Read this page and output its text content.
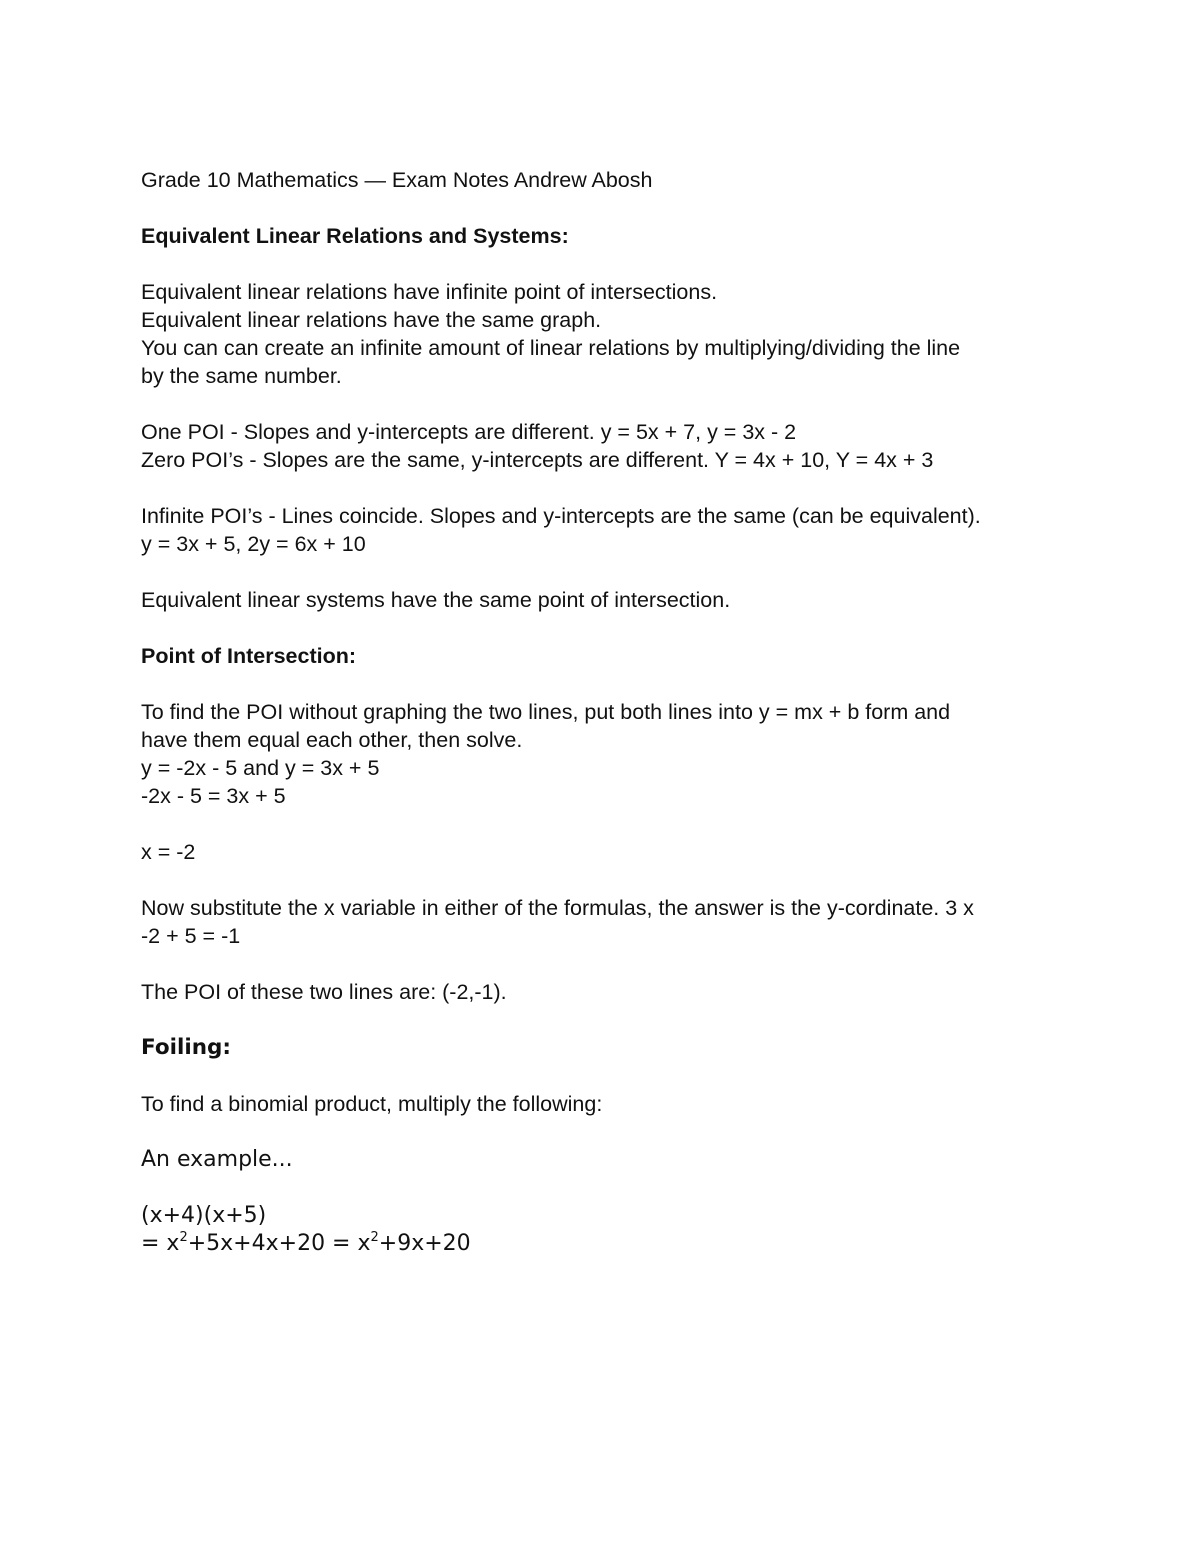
Grade 10 Mathematics — Exam Notes Andrew Abosh
Equivalent Linear Relations and Systems:
Equivalent linear relations have infinite point of intersections.
Equivalent linear relations have the same graph.
You can can create an infinite amount of linear relations by multiplying/dividing the line
by the same number.
One POI - Slopes and y-intercepts are different. y = 5x + 7, y = 3x - 2
Zero POI’s - Slopes are the same, y-intercepts are different. Y = 4x + 10, Y = 4x + 3
Infinite POI’s - Lines coincide. Slopes and y-intercepts are the same (can be equivalent).
y = 3x + 5, 2y = 6x + 10
Equivalent linear systems have the same point of intersection.
Point of Intersection:
To find the POI without graphing the two lines, put both lines into y = mx + b form and
have them equal each other, then solve.
y = -2x - 5 and y = 3x + 5
-2x - 5 = 3x + 5
x = -2
Now substitute the x variable in either of the formulas, the answer is the y-cordinate. 3 x
-2 + 5 = -1
The POI of these two lines are: (-2,-1).
Foiling:
To find a binomial product, multiply the following:
An example...
(x+4)(x+5)
= $x^2+5x+4x+20 = x^2+9x+20$
